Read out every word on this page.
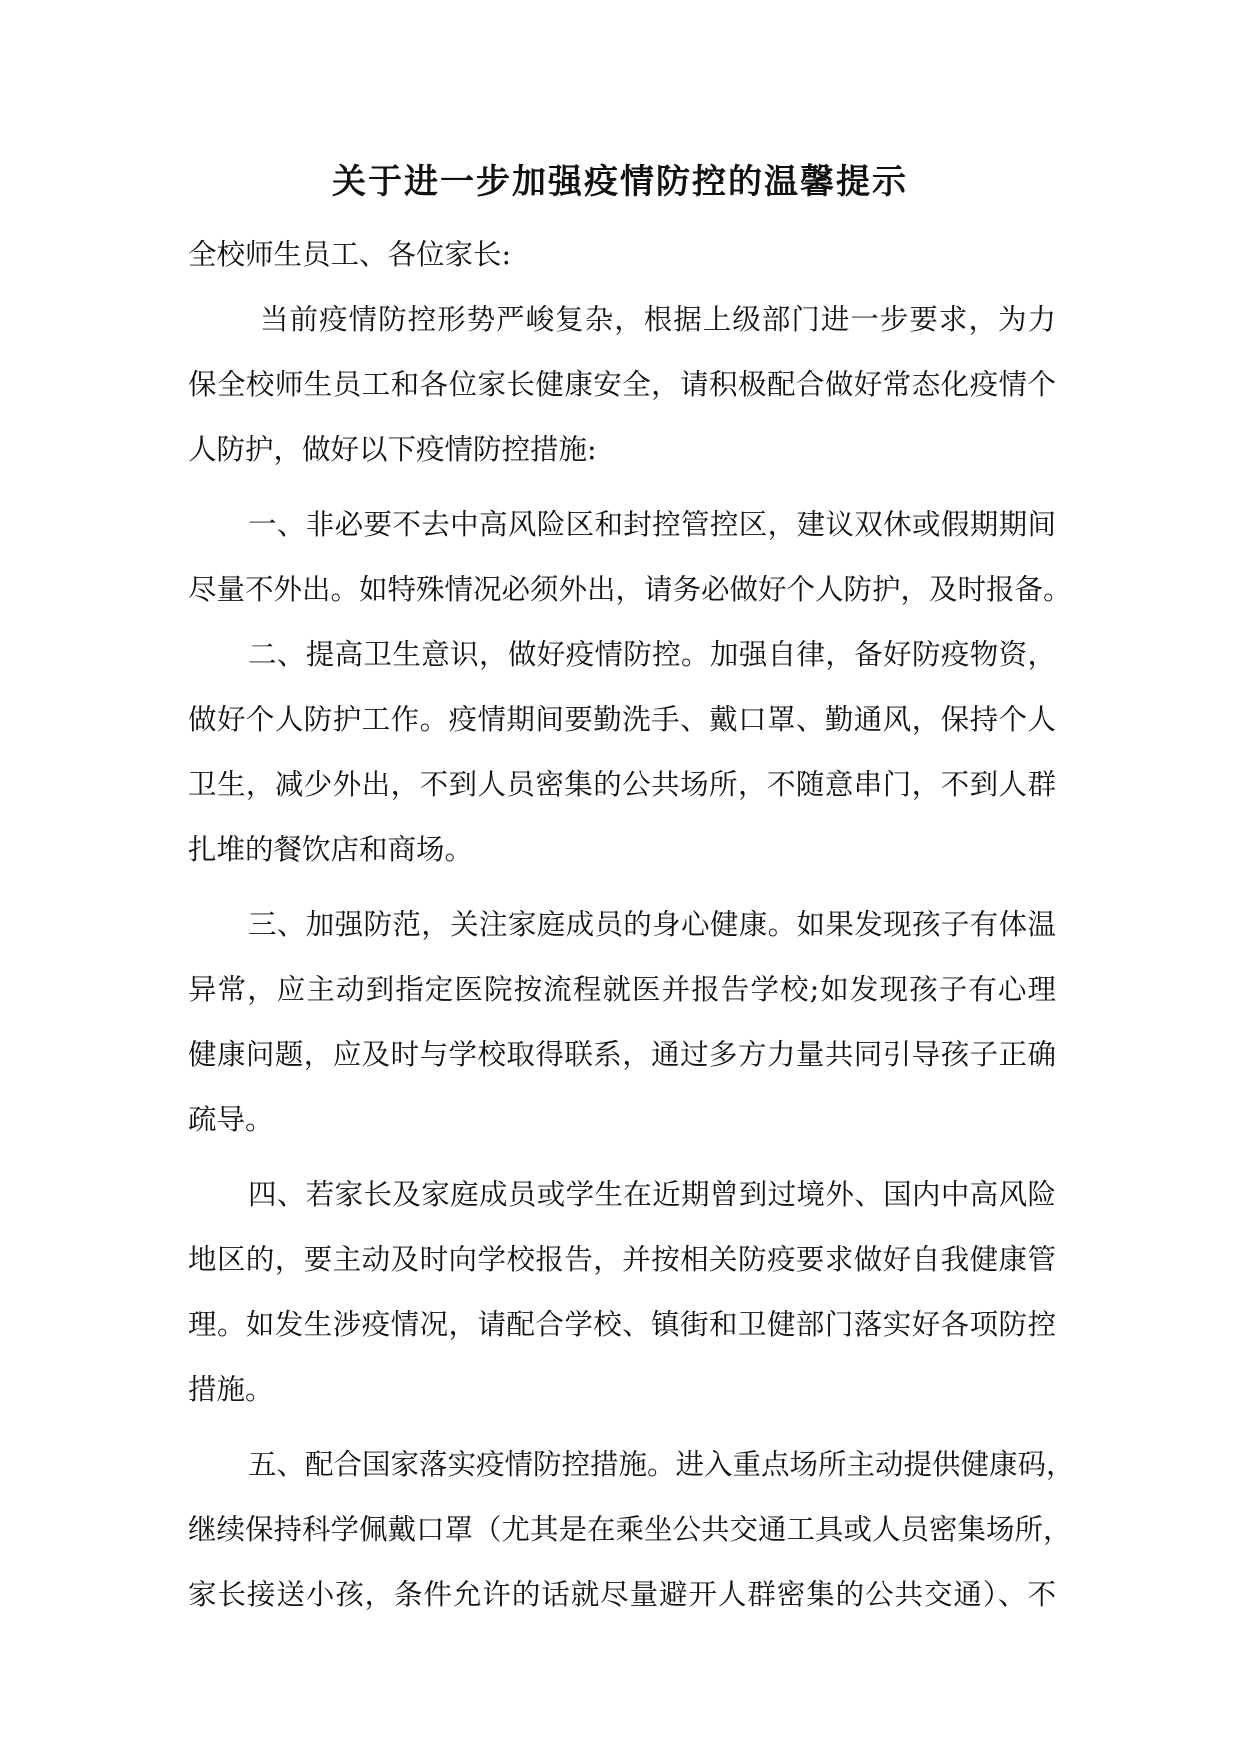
关于进一步加强疫情防控的温馨提示
全校师生员工、各位家长:
当前疫情防控形势严峻复杂，根据上级部门进一步要求，为力
保全校师生员工和各位家长健康安全，请积极配合做好常态化疫情个
人防护，做好以下疫情防控措施:
一、非必要不去中高风险区和封控管控区，建议双休或假期期间
尽量不外出。如特殊情况必须外出，请务必做好个人防护，及时报备。
二、提高卫生意识，做好疫情防控。加强自律，备好防疫物资，
做好个人防护工作。疫情期间要勤洗手、戴口罩、勤通风，保持个人
卫生，减少外出，不到人员密集的公共场所，不随意串门，不到人群
扎堆的餐饮店和商场。
三、加强防范，关注家庭成员的身心健康。如果发现孩子有体温
异常，应主动到指定医院按流程就医并报告学校;如发现孩子有心理
健康问题，应及时与学校取得联系，通过多方力量共同引导孩子正确
疏导。
四、若家长及家庭成员或学生在近期曾到过境外、国内中高风险
地区的，要主动及时向学校报告，并按相关防疫要求做好自我健康管
理。如发生涉疫情况，请配合学校、镇街和卫健部门落实好各项防控
措施。
五、配合国家落实疫情防控措施。进入重点场所主动提供健康码，
继续保持科学佩戴口罩（尤其是在乘坐公共交通工具或人员密集场所，
家长接送小孩，条件允许的话就尽量避开人群密集的公共交通）、不
